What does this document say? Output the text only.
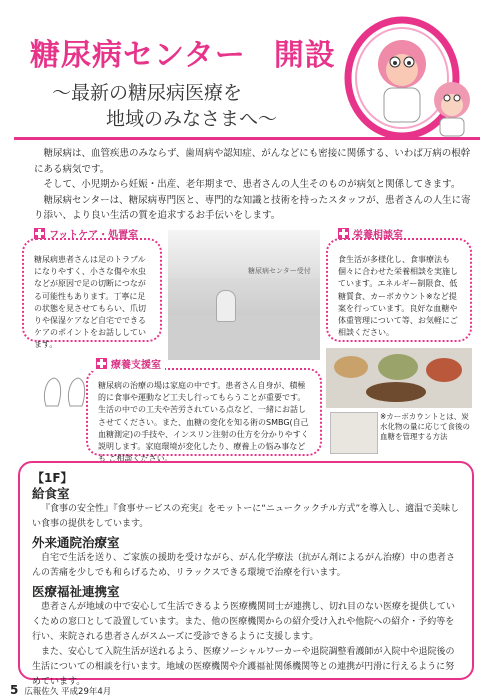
糖尿病センター 開設
〜最新の糖尿病医療を
地域のみなさまへ〜

糖尿病は、血管疾患のみならず、歯周病や認知症、がんなどにも密接に関係する、いわば万病の根幹にある病気です。

そして、小児期から妊娠・出産、老年期まで、患者さんの人生そのものが病気と関係してきます。

糖尿病センターは、糖尿病専門医と、専門的な知識と技術を持ったスタッフが、患者さんの人生に寄り添い、より良い生活の質を追求するお手伝いをします。

フットケア・処置室
糖尿病患者さんは足のトラブルになりやすく、小さな傷や水虫などが原因で足の切断につながる可能性もあります。丁寧に足の状態を見させてもらい、爪切りや保湿ケアなど自宅でできるケアのポイントをお話ししています。
糖尿病センター受付
栄養相談室
食生活が多様化し、食事療法も個々に合わせた栄養相談を実施しています。エネルギー制限食、低糖質食、カーボカウント※など提案を行っています。良好な血糖や体重管理について等、お気軽にご相談ください。
療養支援室
糖尿病の治療の場は家庭の中です。患者さん自身が、積極的に食事や運動など工夫し行ってもらうことが重要です。生活の中での工夫や苦労されている点など、一緒にお話しさせてください。また、血糖の変化を知る術のSMBG(自己血糖測定)の手技や、インスリン注射の仕方を分かりやすく説明します。家庭環境が変化したり、療養上の悩み事なども ご相談ください。
※カーボカウントとは、炭水化物の量に応じて食後の血糖を管理する方法
【1F】
給食室

『食事の安全性』『食事サービスの充実』をモットーに“ニュークックチル方式”を導入し、適温で美味しい食事の提供をしています。

外来通院治療室

自宅で生活を送り、ご家族の援助を受けながら、がん化学療法（抗がん剤によるがん治療）中の患者さんの苦痛を少しでも和らげるため、リラックスできる環境で治療を行います。

医療福祉連携室

患者さんが地域の中で安心して生活できるよう医療機関同士が連携し、切れ目のない医療を提供していくための窓口として設置しています。また、他の医療機関からの紹介受け入れや他院への紹介・予約等を行い、来院される患者さんがスムーズに受診できるように支援します。

また、安心して入院生活が送れるよう、医療ソーシャルワーカーや退院調整看護師が入院中や退院後の生活についての相談を行います。地域の医療機関や介護福祉関係機関等との連携が円滑に行えるように努めています。

5 広報佐久 平成29年4月
